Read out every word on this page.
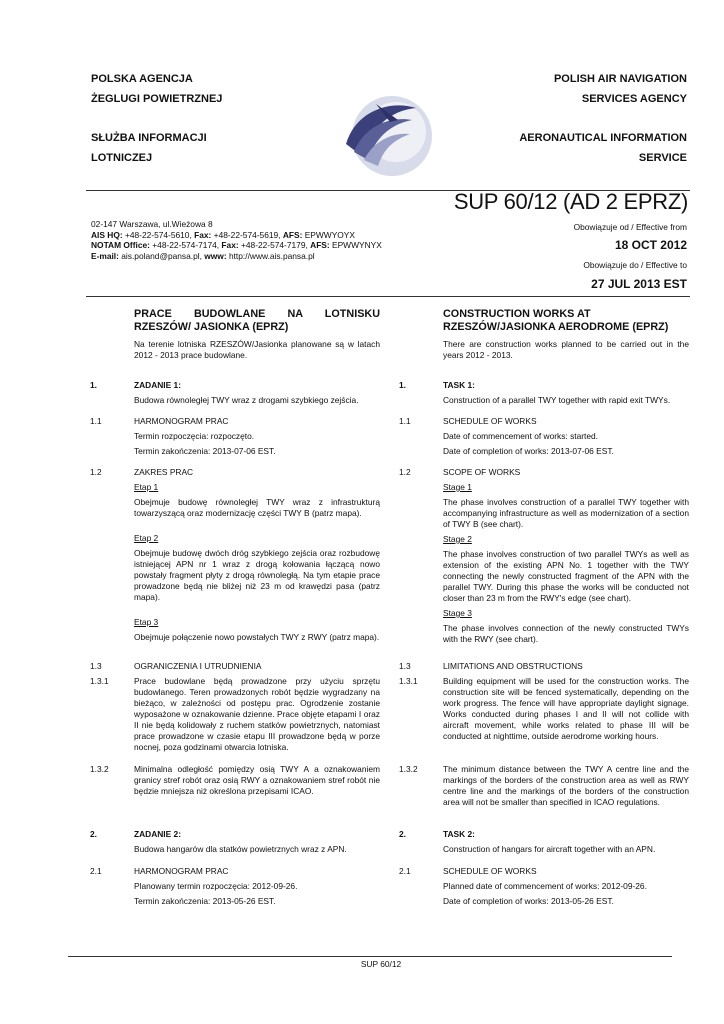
POLSKA AGENCJA
ŻEGLUGI POWIETRZNEJ
SŁUŻBA INFORMACJI
LOTNICZEJ
POLISH AIR NAVIGATION
SERVICES AGENCY
AERONAUTICAL INFORMATION
SERVICE
SUP 60/12 (AD 2 EPRZ)
02-147 Warszawa, ul.Wieżowa 8
AIS HQ: +48-22-574-5610, Fax: +48-22-574-5619, AFS: EPWWYOYX
NOTAM Office: +48-22-574-7174, Fax: +48-22-574-7179, AFS: EPWWYNYX
E-mail: ais.poland@pansa.pl, www: http://www.ais.pansa.pl
Obowiązuje od / Effective from
18 OCT 2012
Obowiązuje do / Effective to
27 JUL 2013 EST
PRACE BUDOWLANE NA LOTNISKU RZESZÓW/ JASIONKA (EPRZ)
CONSTRUCTION WORKS AT RZESZÓW/JASIONKA AERODROME (EPRZ)
Na terenie lotniska RZESZÓW/Jasionka planowane są w latach 2012 - 2013 prace budowlane.
There are construction works planned to be carried out in the years 2012 - 2013.
1.	ZADANIE 1:
Budowa równoległej TWY wraz z drogami szybkiego zejścia.
1.	TASK 1:
Construction of a parallel TWY together with rapid exit TWYs.
1.1	HARMONOGRAM PRAC
Termin rozpoczęcia: rozpoczęto.
Termin zakończenia: 2013-07-06 EST.
1.1	SCHEDULE OF WORKS
Date of commencement of works: started.
Date of completion of works: 2013-07-06 EST.
1.2	ZAKRES PRAC
Etap 1
Obejmuje budowę równoległej TWY wraz z infrastrukturą towarzyszącą oraz modernizację części TWY B (patrz mapa).
Etap 2
Obejmuje budowę dwóch dróg szybkiego zejścia oraz rozbudowę istniejącej APN nr 1 wraz z drogą kołowania łączącą nowo powstały fragment płyty z drogą równoległą. Na tym etapie prace prowadzone będą nie bliżej niż 23 m od krawędzi pasa (patrz mapa).
Etap 3
Obejmuje połączenie nowo powstałych TWY z RWY (patrz mapa).
1.2	SCOPE OF WORKS
Stage 1
The phase involves construction of a parallel TWY together with accompanying infrastructure as well as modernization of a section of TWY B (see chart).
Stage 2
The phase involves construction of two parallel TWYs as well as extension of the existing APN No. 1 together with the TWY connecting the newly constructed fragment of the APN with the parallel TWY. During this phase the works will be conducted not closer than 23 m from the RWY's edge (see chart).
Stage 3
The phase involves connection of the newly constructed TWYs with the RWY (see chart).
1.3	OGRANICZENIA I UTRUDNIENIA	1.3	LIMITATIONS AND OBSTRUCTIONS
1.3.1	Prace budowlane będą prowadzone przy użyciu sprzętu budowlanego. Teren prowadzonych robót będzie wygradzany na bieżąco, w zależności od postępu prac. Ogrodzenie zostanie wyposażone w oznakowanie dzienne. Prace objęte etapami I oraz II nie będą kolidowały z ruchem statków powietrznych, natomiast prace prowadzone w czasie etapu III prowadzone będą w porze nocnej, poza godzinami otwarcia lotniska.
1.3.1	Building equipment will be used for the construction works. The construction site will be fenced systematically, depending on the work progress. The fence will have appropriate daylight signage. Works conducted during phases I and II will not collide with aircraft movement, while works related to phase III will be conducted at nighttime, outside aerodrome working hours.
1.3.2	Minimalna odległość pomiędzy osią TWY A a oznakowaniem granicy stref robót oraz osią RWY a oznakowaniem stref robót nie będzie mniejsza niż określona przepisami ICAO.
1.3.2	The minimum distance between the TWY A centre line and the markings of the borders of the construction area as well as RWY centre line and the markings of the borders of the construction area will not be smaller than specified in ICAO regulations.
2.	ZADANIE 2:
Budowa hangarów dla statków powietrznych wraz z APN.
2.	TASK 2:
Construction of hangars for aircraft together with an APN.
2.1	HARMONOGRAM PRAC
Planowany termin rozpoczęcia: 2012-09-26.
Termin zakończenia: 2013-05-26 EST.
2.1	SCHEDULE OF WORKS
Planned date of commencement of works: 2012-09-26.
Date of completion of works: 2013-05-26 EST.
SUP 60/12
